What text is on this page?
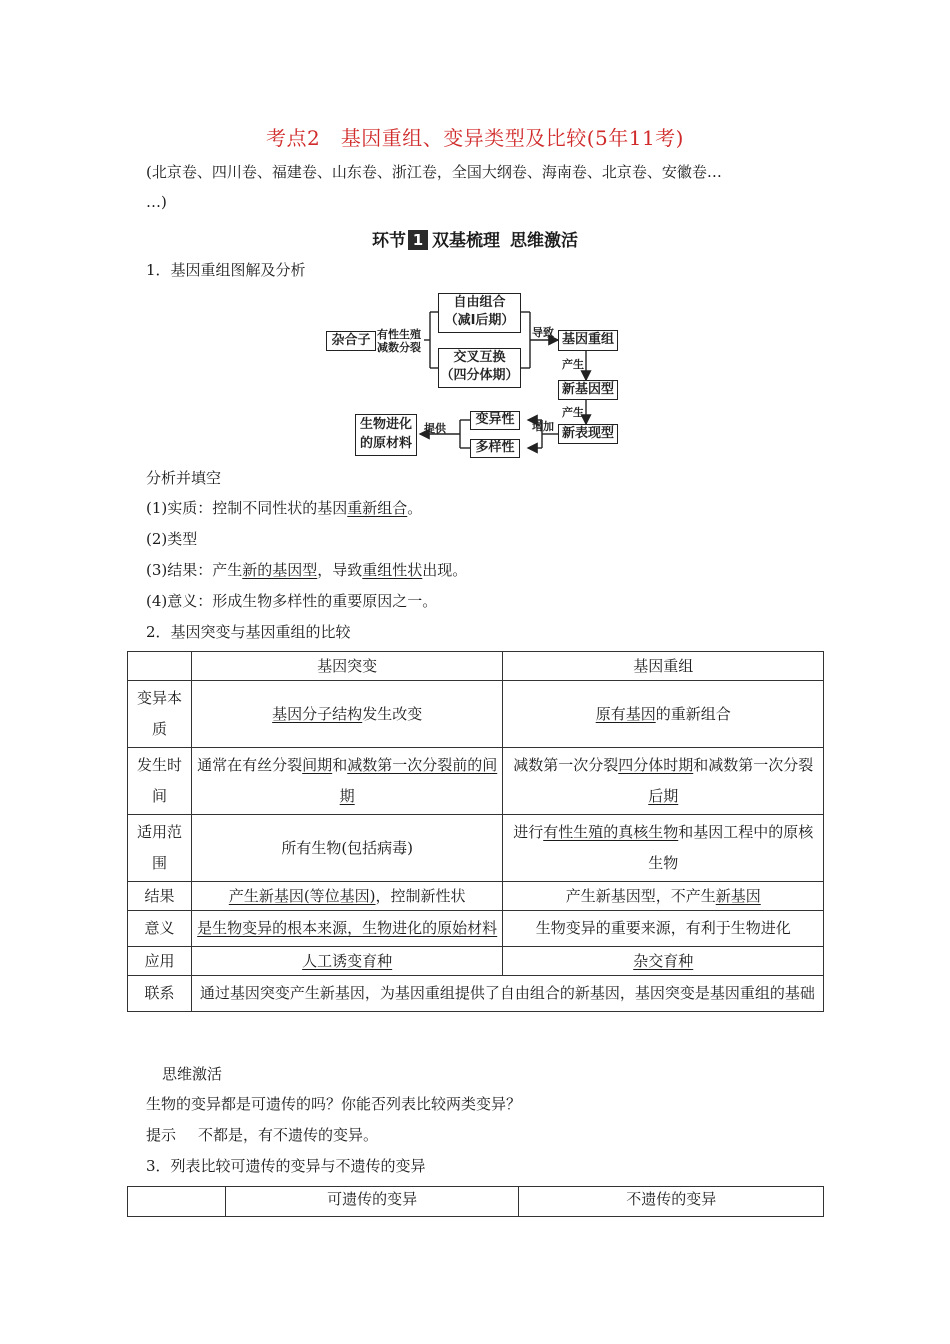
考点2　基因重组、变异类型及比较(5年11考)
(北京卷、四川卷、福建卷、山东卷、浙江卷，全国大纲卷、海南卷、北京卷、安徽卷…
…)
环节 1 双基梳理 思维激活
1．基因重组图解及分析
杂合子 有性生殖
减数分裂
自由组合
（减Ⅰ后期）
交叉互换
（四分体期）
导致 基因重组
产生
新基因型
产生
新表现型
增加
变异性
多样性
提供
生物进化
的原材料
分析并填空
(1)实质：控制不同性状的基因重新组合。
(2)类型
(3)结果：产生新的基因型，导致重组性状出现。
(4)意义：形成生物多样性的重要原因之一。
2．基因突变与基因重组的比较
	基因突变	基因重组
变异本质	基因分子结构发生改变	原有基因的重新组合
发生时间	通常在有丝分裂间期和减数第一次分裂前的间期	减数第一次分裂四分体时期和减数第一次分裂后期
适用范围	所有生物(包括病毒)	进行有性生殖的真核生物和基因工程中的原核生物
结果	产生新基因(等位基因)，控制新性状	产生新基因型，不产生新基因
意义	是生物变异的根本来源，生物进化的原始材料	生物变异的重要来源，有利于生物进化
应用	人工诱变育种	杂交育种
联系	通过基因突变产生新基因，为基因重组提供了自由组合的新基因，基因突变是基因重组的基础	
思维激活
生物的变异都是可遗传的吗？你能否列表比较两类变异？
提示 不都是，有不遗传的变异。
3．列表比较可遗传的变异与不遗传的变异
	可遗传的变异	不遗传的变异
